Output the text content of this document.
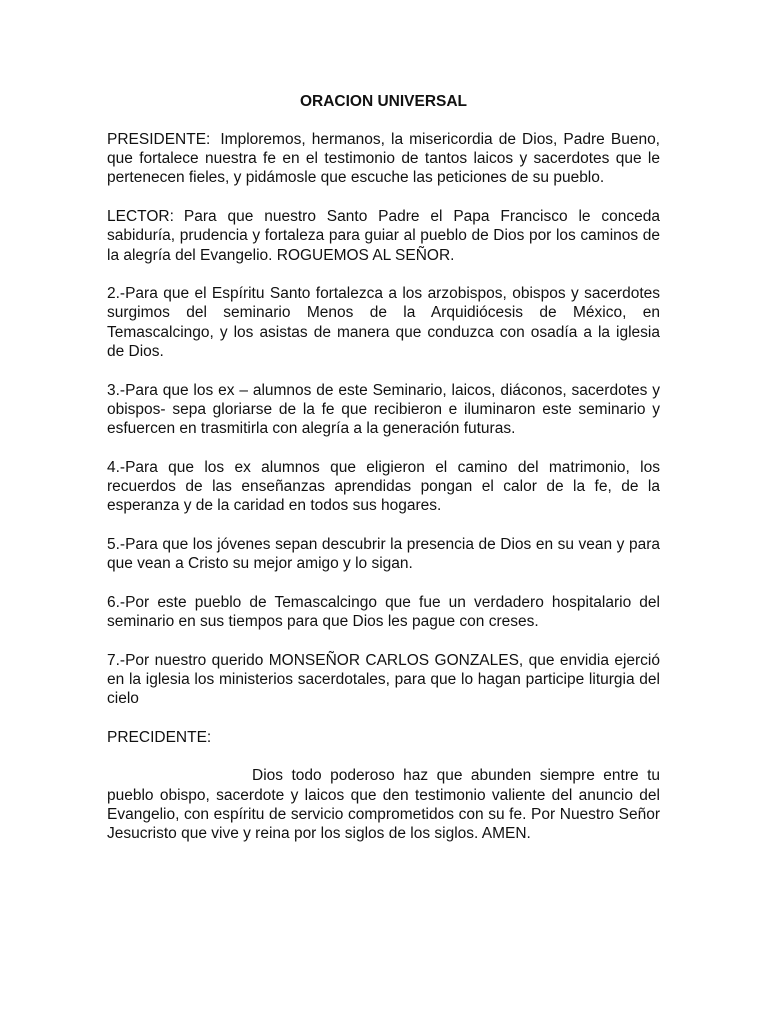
ORACION UNIVERSAL

PRESIDENTE: Imploremos, hermanos, la misericordia de Dios, Padre Bueno, que fortalece nuestra fe en el testimonio de tantos laicos y sacerdotes que le pertenecen fieles, y pidámosle que escuche las peticiones de su pueblo.

LECTOR: Para que nuestro Santo Padre el Papa Francisco le conceda sabiduría, prudencia y fortaleza para guiar al pueblo de Dios por los caminos de la alegría del Evangelio. ROGUEMOS AL SEÑOR.

2.-Para que el Espíritu Santo fortalezca a los arzobispos, obispos y sacerdotes surgimos del seminario Menos de la Arquidiócesis de México, en Temascalcingo, y los asistas de manera que conduzca con osadía a la iglesia de Dios.

3.-Para que los ex – alumnos de este Seminario, laicos, diáconos, sacerdotes y obispos- sepa gloriarse de la fe que recibieron e iluminaron este seminario y esfuercen en trasmitirla con alegría a la generación futuras.

4.-Para que los ex alumnos que eligieron el camino del matrimonio, los recuerdos de las enseñanzas aprendidas pongan el calor de la fe, de la esperanza y de la caridad en todos sus hogares.

5.-Para que los jóvenes sepan descubrir la presencia de Dios en su vean y para que vean a Cristo su mejor amigo y lo sigan.

6.-Por este pueblo de Temascalcingo que fue un verdadero hospitalario del seminario en sus tiempos para que Dios les pague con creses.

7.-Por nuestro querido MONSEÑOR CARLOS GONZALES, que envidia ejerció en la iglesia los ministerios sacerdotales, para que lo hagan participe liturgia del cielo

PRECIDENTE:

Dios todo poderoso haz que abunden siempre entre tu pueblo obispo, sacerdote y laicos que den testimonio valiente del anuncio del Evangelio, con espíritu de servicio comprometidos con su fe. Por Nuestro Señor Jesucristo que vive y reina por los siglos de los siglos. AMEN.
